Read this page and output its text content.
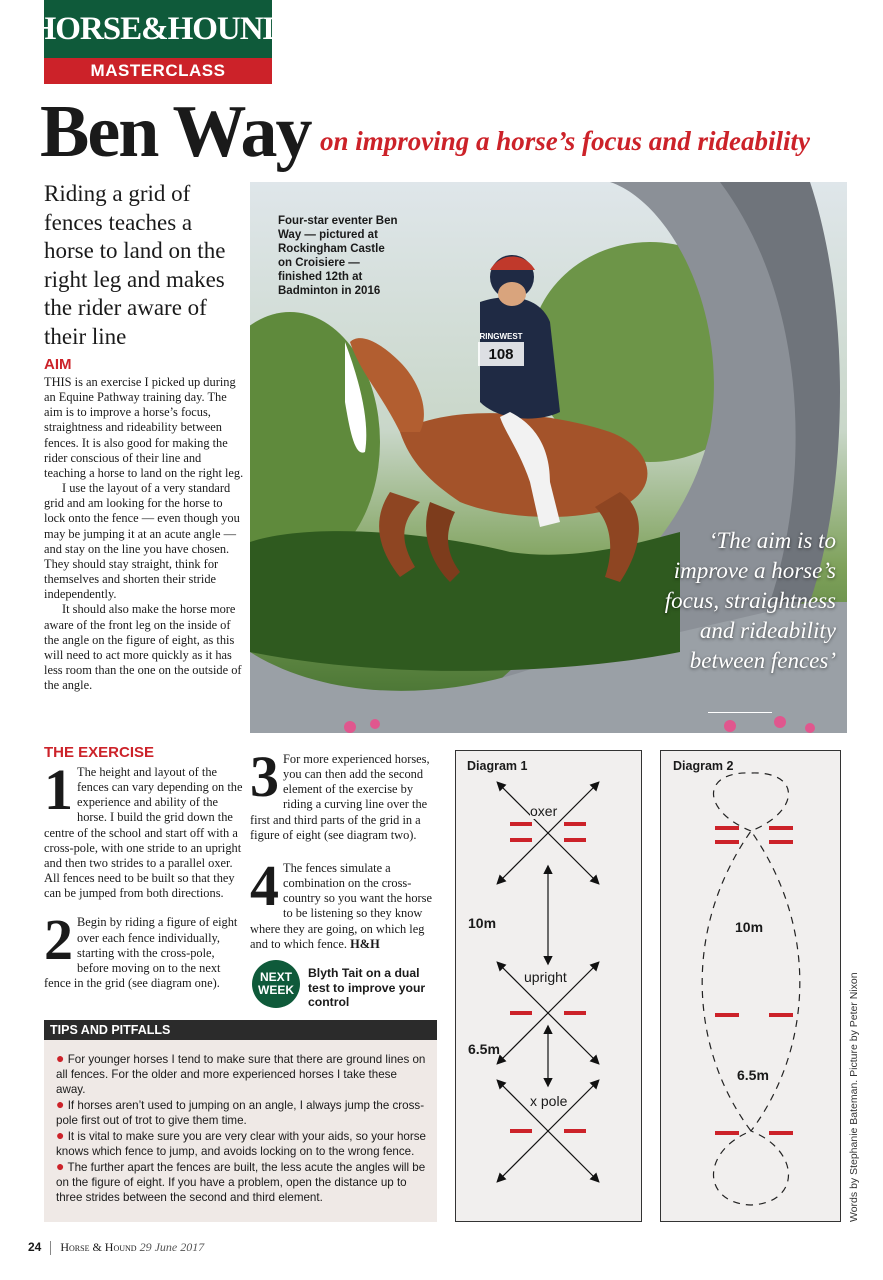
HORSE&HOUND
MASTERCLASS
Ben Way on improving a horse’s focus and rideability
Riding a grid of fences teaches a horse to land on the right leg and makes the rider aware of their line
AIM

THIS is an exercise I picked up during an Equine Pathway training day. The aim is to improve a horse’s focus, straightness and rideability between fences. It is also good for making the rider conscious of their line and teaching a horse to land on the right leg.

I use the layout of a very standard grid and am looking for the horse to lock onto the fence — even though you may be jumping it at an acute angle — and stay on the line you have chosen. They should stay straight, think for themselves and shorten their stride independently.

It should also make the horse more aware of the front leg on the inside of the angle on the figure of eight, as this will need to act more quickly as it has less room than the one on the outside of the angle.

108
RINGWEST
Four-star eventer Ben Way — pictured at Rockingham Castle on Croisiere — finished 12th at Badminton in 2016
‘The aim is to improve a horse’s focus, straightness and rideability between fences’
THE EXERCISE
1 The height and layout of the fences can vary depending on the experience and ability of the horse. I build the grid down the centre of the school and start off with a cross-pole, with one stride to an upright and then two strides to a parallel oxer. All fences need to be built so that they can be jumped from both directions.
2 Begin by riding a figure of eight over each fence individually, starting with the cross-pole, before moving on to the next fence in the grid (see diagram one).
3 For more experienced horses, you can then add the second element of the exercise by riding a curving line over the first and third parts of the grid in a figure of eight (see diagram two).
4 The fences simulate a combination on the cross-country so you want the horse to be listening so they know where they are going, on which leg and to which fence. H&H
NEXT WEEK
Blyth Tait on a dual test to improve your control
TIPS AND PITFALLS

● For younger horses I tend to make sure that there are ground lines on all fences. For the older and more experienced horses I take these away.

● If horses aren’t used to jumping on an angle, I always jump the cross-pole first out of trot to give them time.

● It is vital to make sure you are very clear with your aids, so your horse knows which fence to jump, and avoids locking on to the wrong fence.

● The further apart the fences are built, the less acute the angles will be on the figure of eight. If you have a problem, open the distance up to three strides between the second and third element.

Diagram 1
oxer
upright
x pole
10m
6.5m
Diagram 2
10m
6.5m
24 Horse & Hound 29 June 2017
Words by Stephanie Bateman. Picture by Peter Nixon
